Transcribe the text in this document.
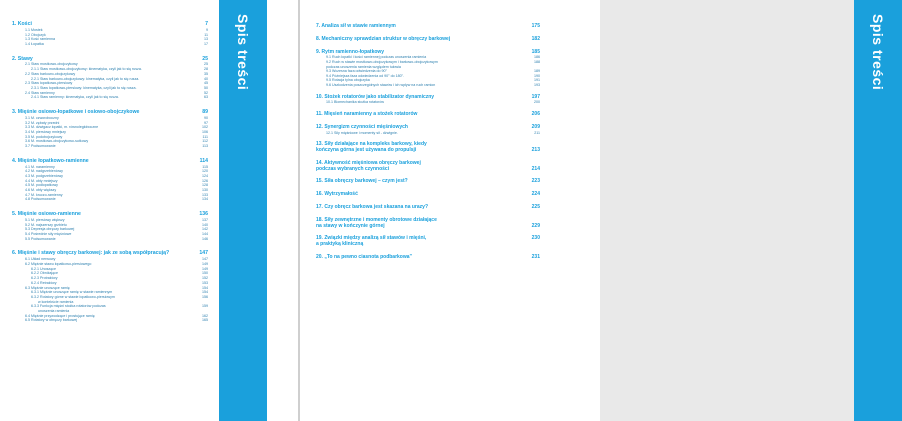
1. Kości	7
1.1 Mostek	9
1.2 Obojczyk	11
1.3 Kość ramienna	13
1.4 Łopatka	17
2. Stawy	25
2.1 Staw mostkowo-obojczykowy	25
2.1.1 Staw mostkowo-obojczykowy: kinematyka, czyli jak to się rusza.	28
2.2 Staw barkowo-obojczykowy	35
2.2.1 Staw barkowo-obojczykowy: kinematyka, czyli jak to się rusza.	40
2.3 Staw łopatkowo-piersiowy	45
2.3.1 Staw łopatkowo-piersiowy: kinematyka, czyli jak to się rusza.	50
2.4 Staw ramienny	52
2.4.1 Staw ramienny: kinematyka, czyli jak to się rusza.	63
3. Mięśnie osiowo-łopatkowe i osiowo-obojczykowe	89
3.1 M. czworoboczny	90
3.2 M. zębaty przedni	97
3.3 M. dźwigacz łopatki, m. równoległoboczne	102
3.4 M. piersiowy mniejszy	106
3.5 M. podobojczykowy	111
3.6 M. mostkowo-obojczykowo-sutkowy	112
3.7 Podsumowanie	113
4. Mięśnie łopatkowo-ramienne	114
4.1 M. naramienny	115
4.2 M. nadgrzebieniowy	120
4.3 M. podgrzebieniowy	124
4.4 M. obły mniejszy	126
4.5 M. podłopatkowy	128
4.6 M. obły większy	130
4.7 M. kruczo-ramienny	133
4.8 Podsumowanie	134
5. Mięśnie osiowo-ramienne	136
5.1 M. piersiowy większy	137
5.2 M. najszerszy grzbietu	140
5.3 Depresja obręczy barkowej	142
5.4 Pośrednie siły mięśniowe	144
5.5 Podsumowanie	146
6. Mięśnie i stawy obręczy barkowej: jak ze sobą współpracują?	147
6.1 Układ nerwowy	147
6.2 Mięśnie stawu łopatkowo-piersiowego	149
6.2.1 Unoszące	149
6.2.2 Obniżające	150
6.2.3 Protraktory	152
6.2.4 Retraktory	153
6.3 Mięśnie unoszące ramię	154
6.3.1 Mięśnie unoszące ramię w stawie ramiennym	154
6.3.2 Rotatory górne w stawie łopatkowo-piersiowym	156
w kontekście ramienia
6.3.3 Funkcja mięśni stożka rotatorów podczas	159
unoszenia ramienia
6.4 Mięśnie przywodzące i prostujące ramię	162
6.5 Rotatory w obręczy barkowej	165
Spis treści	7. Analiza sił w stawie ramiennym	175
8. Mechaniczny sprawdzian struktur w obręczy barkowej	182
9. Rytm ramienno-łopatkowy	185
9.1 Ruch łopatki i kości ramiennej podczas unoszenia ramienia	186
9.2 Ruch w stawie mostkowo-obojczykowym i barkowo-obojczykowym	188
podczas unoszenia ramienia względem tułowia
9.3 Wczesna faza odwiedzenia do 90°	189
9.4 Późniejsza faza odwiedzenia od 90° do 180°.	190
9.5 Rotacja tylna obojczyka	191
9.6 Uszkodzenia poszczególnych stawów i ich wpływ na ruch ramion	193
10. Stożek rotatorów jako stabilizator dynamiczny	197
10.1 Biomechanika stożka rotatorów	200
11. Mięsień naramienny a stożek rotatorów	206
12. Synergizm czynności mięśniowych	209
12.1 Siły mięśniowe i momenty sił - dźwignie.	211
13. Siły działające na kompleks barkowy, kiedy
kończyna górna jest używana do propulsji	213
14. Aktywność mięśniowa obręczy barkowej
podczas wybranych czynności	214
15. Siła obręczy barkowej – czym jest?	223
16. Wytrzymałość	224
17. Czy obręcz barkowa jest skazana na urazy?	225
18. Siły zewnętrzne i momenty obrotowe działające
na stawy w kończynie górnej	229
19. Związki między analizą sił stawów i mięśni,	230
a praktyką kliniczną
20. „To na pewno ciasnota podbarkowa”	231
Spis treści
